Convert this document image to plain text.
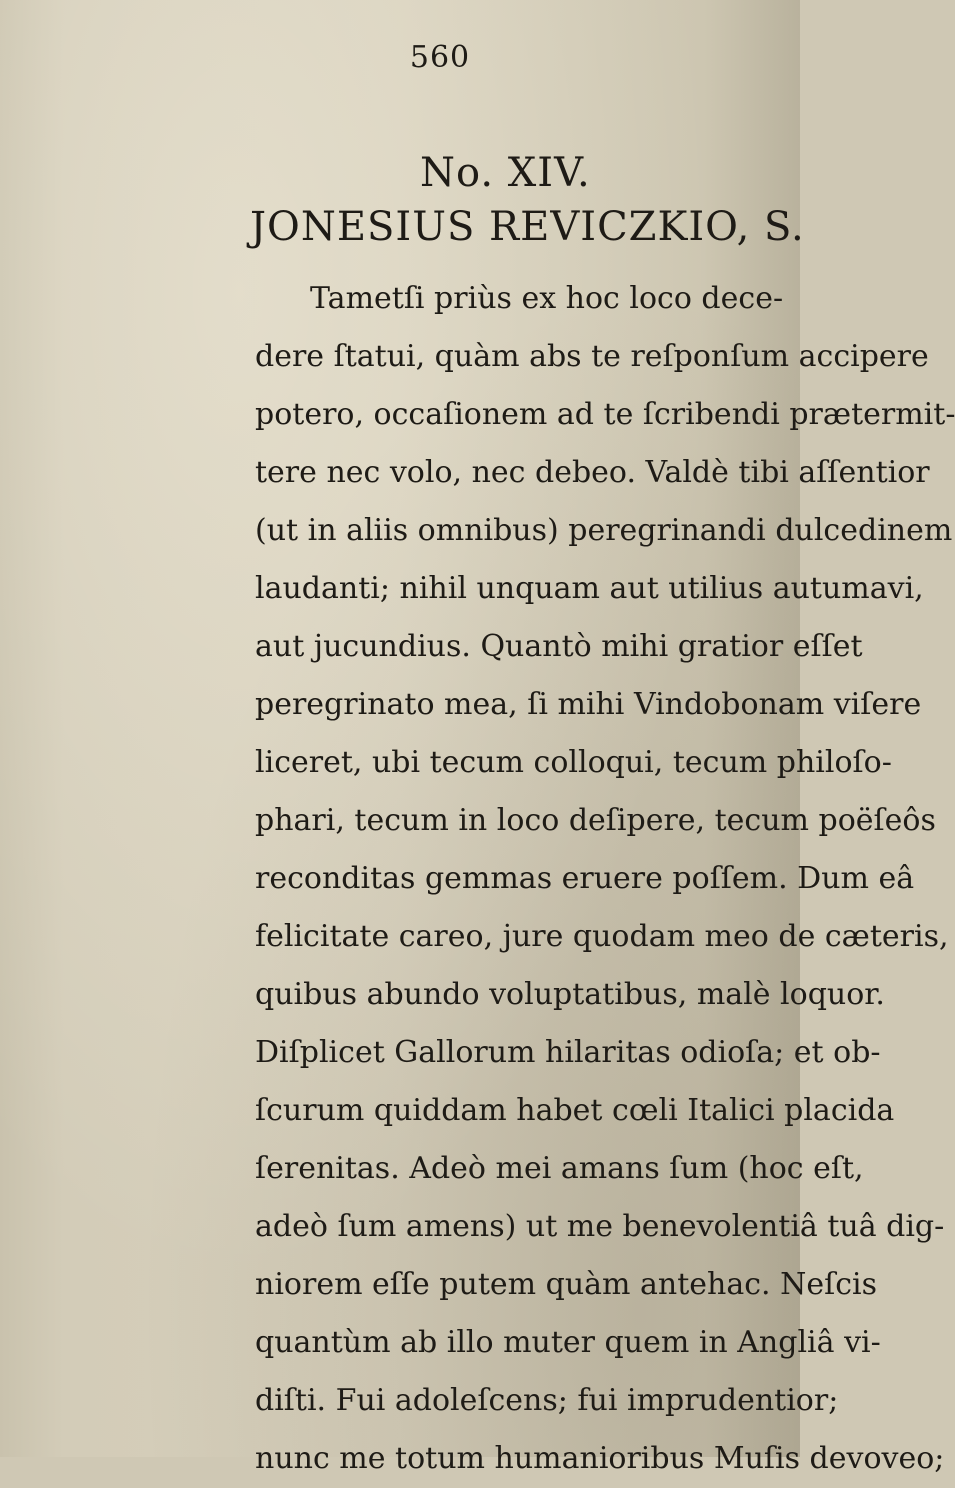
560
No. XIV.
JONESIUS REVICZKIO, S.
Tametſi priùs ex hoc loco dece-
dere ſtatui, quàm abs te reſponſum accipere
potero, occaſionem ad te ſcribendi prætermit-
tere nec volo, nec debeo. Valdè tibi aſſentior
(ut in aliis omnibus) peregrinandi dulcedinem
laudanti; nihil unquam aut utilius autumavi,
aut jucundius. Quantò mihi gratior eſſet
peregrinato mea, ſi mihi Vindobonam viſere
liceret, ubi tecum colloqui, tecum philoſo-
phari, tecum in loco deſipere, tecum poëſeôs
reconditas gemmas eruere poſſem. Dum eâ
felicitate careo, jure quodam meo de cæteris,
quibus abundo voluptatibus, malè loquor.
Diſplicet Gallorum hilaritas odioſa; et ob-
ſcurum quiddam habet cœli Italici placida
ſerenitas. Adeò mei amans ſum (hoc eſt,
adeò ſum amens) ut me benevolentiâ tuâ dig-
niorem eſſe putem quàm antehac. Neſcis
quantùm ab illo muter quem in Angliâ vi-
diſti. Fui adoleſcens; fui imprudentior;
nunc me totum humanioribus Muſis devoveo;
